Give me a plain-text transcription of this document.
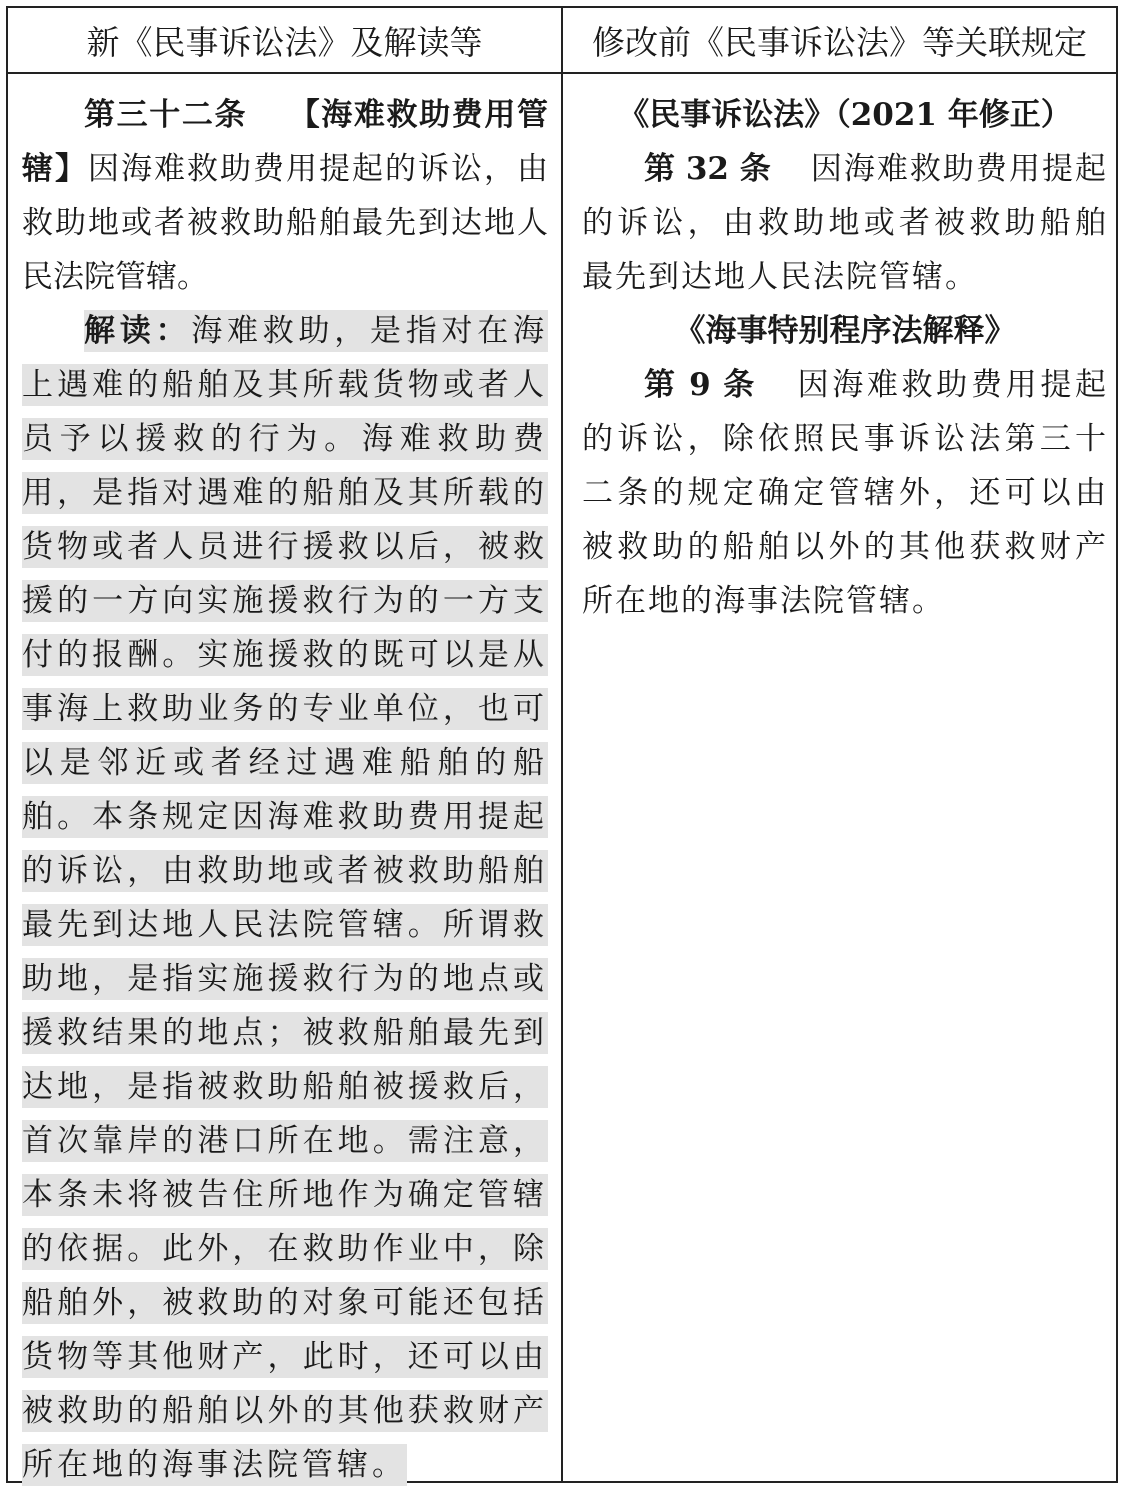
新《民事诉讼法》及解读等	修改前《民事诉讼法》等关联规定

第三十二条 【海难救助费用管辖】因海难救助费用提起的诉讼，由救助地或者被救助船舶最先到达地人民法院管辖。

解读：海难救助，是指对在海上遇难的船舶及其所载货物或者人员予以援救的行为。海难救助费用，是指对遇难的船舶及其所载的货物或者人员进行援救以后，被救援的一方向实施援救行为的一方支付的报酬。实施援救的既可以是从事海上救助业务的专业单位，也可以是邻近或者经过遇难船舶的船舶。本条规定因海难救助费用提起的诉讼，由救助地或者被救助船舶最先到达地人民法院管辖。所谓救助地，是指实施援救行为的地点或援救结果的地点；被救船舶最先到达地，是指被救助船舶被援救后，首次靠岸的港口所在地。需注意，本条未将被告住所地作为确定管辖的依据。此外，在救助作业中，除船舶外，被救助的对象可能还包括货物等其他财产，此时，还可以由被救助的船舶以外的其他获救财产所在地的海事法院管辖。

《民事诉讼法》（2021 年修正）

第 32 条 因海难救助费用提起的诉讼，由救助地或者被救助船舶最先到达地人民法院管辖。

《海事特别程序法解释》

第 9 条 因海难救助费用提起的诉讼，除依照民事诉讼法第三十二条的规定确定管辖外，还可以由被救助的船舶以外的其他获救财产所在地的海事法院管辖。
